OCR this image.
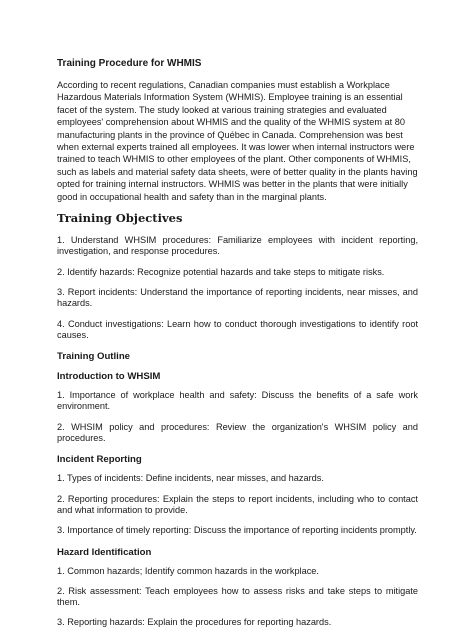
Training Procedure for WHMIS
According to recent regulations, Canadian companies must establish a Workplace Hazardous Materials Information System (WHMIS). Employee training is an essential facet of the system. The study looked at various training strategies and evaluated employees' comprehension about WHMIS and the quality of the WHMIS system at 80 manufacturing plants in the province of Québec in Canada. Comprehension was best when external experts trained all employees. It was lower when internal instructors were trained to teach WHMIS to other employees of the plant. Other components of WHMIS, such as labels and material safety data sheets, were of better quality in the plants having opted for training internal instructors. WHMIS was better in the plants that were initially good in occupational health and safety than in the marginal plants.
Training Objectives
1. Understand WHSIM procedures: Familiarize employees with incident reporting, investigation, and response procedures.
2. Identify hazards: Recognize potential hazards and take steps to mitigate risks.
3. Report incidents: Understand the importance of reporting incidents, near misses, and hazards.
4. Conduct investigations: Learn how to conduct thorough investigations to identify root causes.
Training Outline
Introduction to WHSIM
1. Importance of workplace health and safety: Discuss the benefits of a safe work environment.
2. WHSIM policy and procedures: Review the organization's WHSIM policy and procedures.
Incident Reporting
1. Types of incidents: Define incidents, near misses, and hazards.
2. Reporting procedures: Explain the steps to report incidents, including who to contact and what information to provide.
3. Importance of timely reporting: Discuss the importance of reporting incidents promptly.
Hazard Identification
1. Common hazards; Identify common hazards in the workplace.
2. Risk assessment: Teach employees how to assess risks and take steps to mitigate them.
3. Reporting hazards: Explain the procedures for reporting hazards.
